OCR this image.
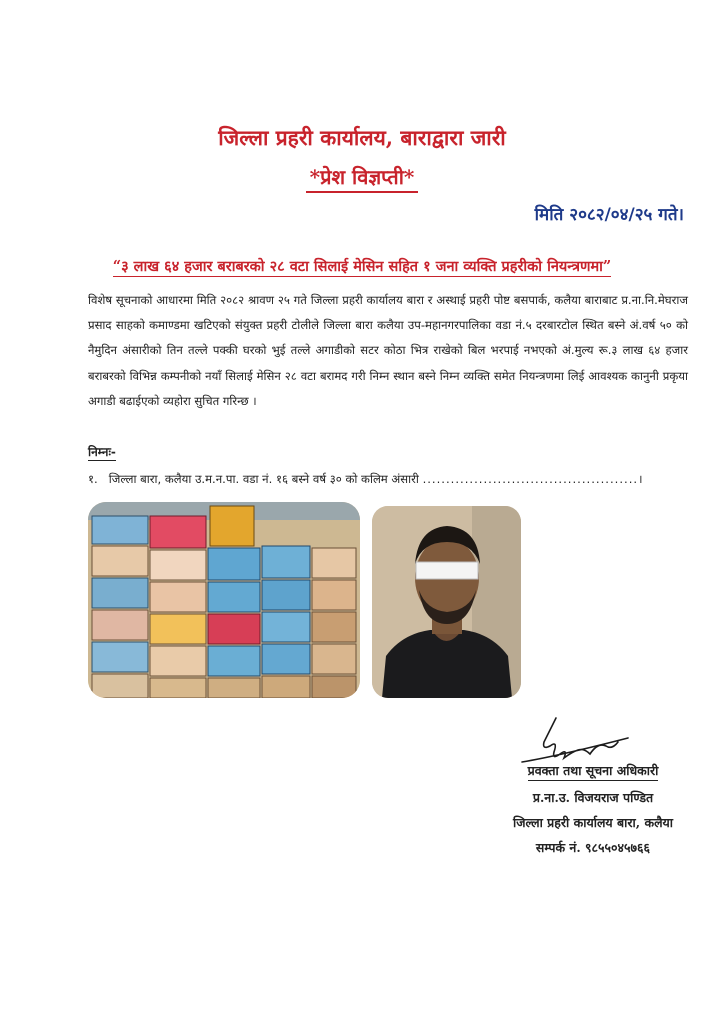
जिल्ला प्रहरी कार्यालय, बाराद्वारा जारी
*प्रेश विज्ञप्ती*
मिति २०८२/०४/२५ गते।
“३ लाख ६४ हजार बराबरको २८ वटा सिलाई मेसिन सहित १ जना व्यक्ति प्रहरीको नियन्त्रणमा”
विशेष सूचनाको आधारमा मिति २०८२ श्रावण २५ गते जिल्ला प्रहरी कार्यालय बारा र अस्थाई प्रहरी पोष्ट बसपार्क, कलैया बाराबाट प्र.ना.नि.मेघराज प्रसाद साहको कमाण्डमा खटिएको संयुक्त प्रहरी टोलीले जिल्ला बारा कलैया उप-महानगरपालिका वडा नं.५ दरबारटोल स्थित बस्ने अं.वर्ष ५० को नैमुदिन अंसारीको तिन तल्ले पक्की घरको भुई तल्ले अगाडीको सटर कोठा भित्र राखेको बिल भरपाई नभएको अं.मुल्य रू.३ लाख ६४ हजार बराबरको विभिन्न कम्पनीको नयाँ सिलाई मेसिन २८ वटा बरामद गरी निम्न स्थान बस्ने निम्न व्यक्ति समेत नियन्त्रणमा लिई आवश्यक कानुनी प्रकृया अगाडी बढाईएको व्यहोरा सुचित गरिन्छ ।
निम्नः-
१. जिल्ला बारा, कलैया उ.म.न.पा. वडा नं. १६ बस्ने वर्ष ३० को कलिम अंसारी ..............................................।
प्रवक्ता तथा सूचना अधिकारी
प्र.ना.उ. विजयराज पण्डित
जिल्ला प्रहरी कार्यालय बारा, कलैया
सम्पर्क नं. ९८५५०४५७६६
